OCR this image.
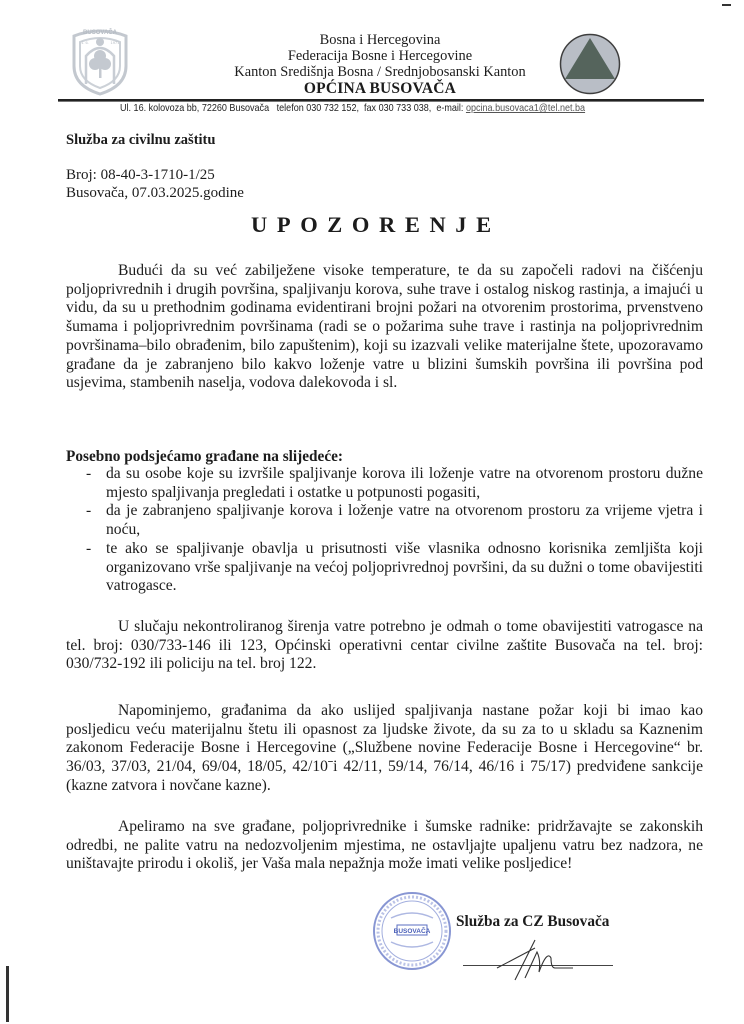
BUSOVAČA
1. 6.	1971	Bosna i Hercegovina
Federacija Bosne i Hercegovine
Kanton Središnja Bosna / Srednjobosanski Kanton
OPĆINA BUSOVAČA
Ul. 16. kolovoza bb, 72260 Busovača telefon 030 732 152, fax 030 733 038, e-mail: opcina.busovaca1@tel.net.ba
Služba za civilnu zaštitu
Broj: 08-40-3-1710-1/25
Busovača, 07.03.2025.godine
UPOZORENJE
Budući da su već zabilježene visoke temperature, te da su započeli radovi na čišćenju poljoprivrednih i drugih površina, spaljivanju korova, suhe trave i ostalog niskog rastinja, a imajući u vidu, da su u prethodnim godinama evidentirani brojni požari na otvorenim prostorima, prvenstveno šumama i poljoprivrednim površinama (radi se o požarima suhe trave i rastinja na poljoprivrednim površinama–bilo obrađenim, bilo zapuštenim), koji su izazvali velike materijalne štete, upozoravamo građane da je zabranjeno bilo kakvo loženje vatre u blizini šumskih površina ili površina pod usjevima, stambenih naselja, vodova dalekovoda i sl.
Posebno podsjećamo građane na slijedeće:
- da su osobe koje su izvršile spaljivanje korova ili loženje vatre na otvorenom prostoru dužne mjesto spaljivanja pregledati i ostatke u potpunosti pogasiti,
- da je zabranjeno spaljivanje korova i loženje vatre na otvorenom prostoru za vrijeme vjetra i noću,
- te ako se spaljivanje obavlja u prisutnosti više vlasnika odnosno korisnika zemljišta koji organizovano vrše spaljivanje na većoj poljoprivrednoj površini, da su dužni o tome obavijestiti vatrogasce.
U slučaju nekontroliranog širenja vatre potrebno je odmah o tome obavijestiti vatrogasce na tel. broj: 030/733-146 ili 123, Općinski operativni centar civilne zaštite Busovača na tel. broj: 030/732-192 ili policiju na tel. broj 122.
Napominjemo, građanima da ako uslijed spaljivanja nastane požar koji bi imao kao posljedicu veću materijalnu štetu ili opasnost za ljudske živote, da su za to u skladu sa Kaznenim zakonom Federacije Bosne i Hercegovine („Službene novine Federacije Bosne i Hercegovine“ br. 36/03, 37/03, 21/04, 69/04, 18/05, 42/10ˉi 42/11, 59/14, 76/14, 46/16 i 75/17) predviđene sankcije (kazne zatvora i novčane kazne).
Apeliramo na sve građane, poljoprivrednike i šumske radnike: pridržavajte se zakonskih odredbi, ne palite vatru na nedozvoljenim mjestima, ne ostavljajte upaljenu vatru bez nadzora, ne uništavajte prirodu i okoliš, jer Vaša mala nepažnja može imati velike posljedice!
BUSOVAČA
Služba za CZ Busovača
